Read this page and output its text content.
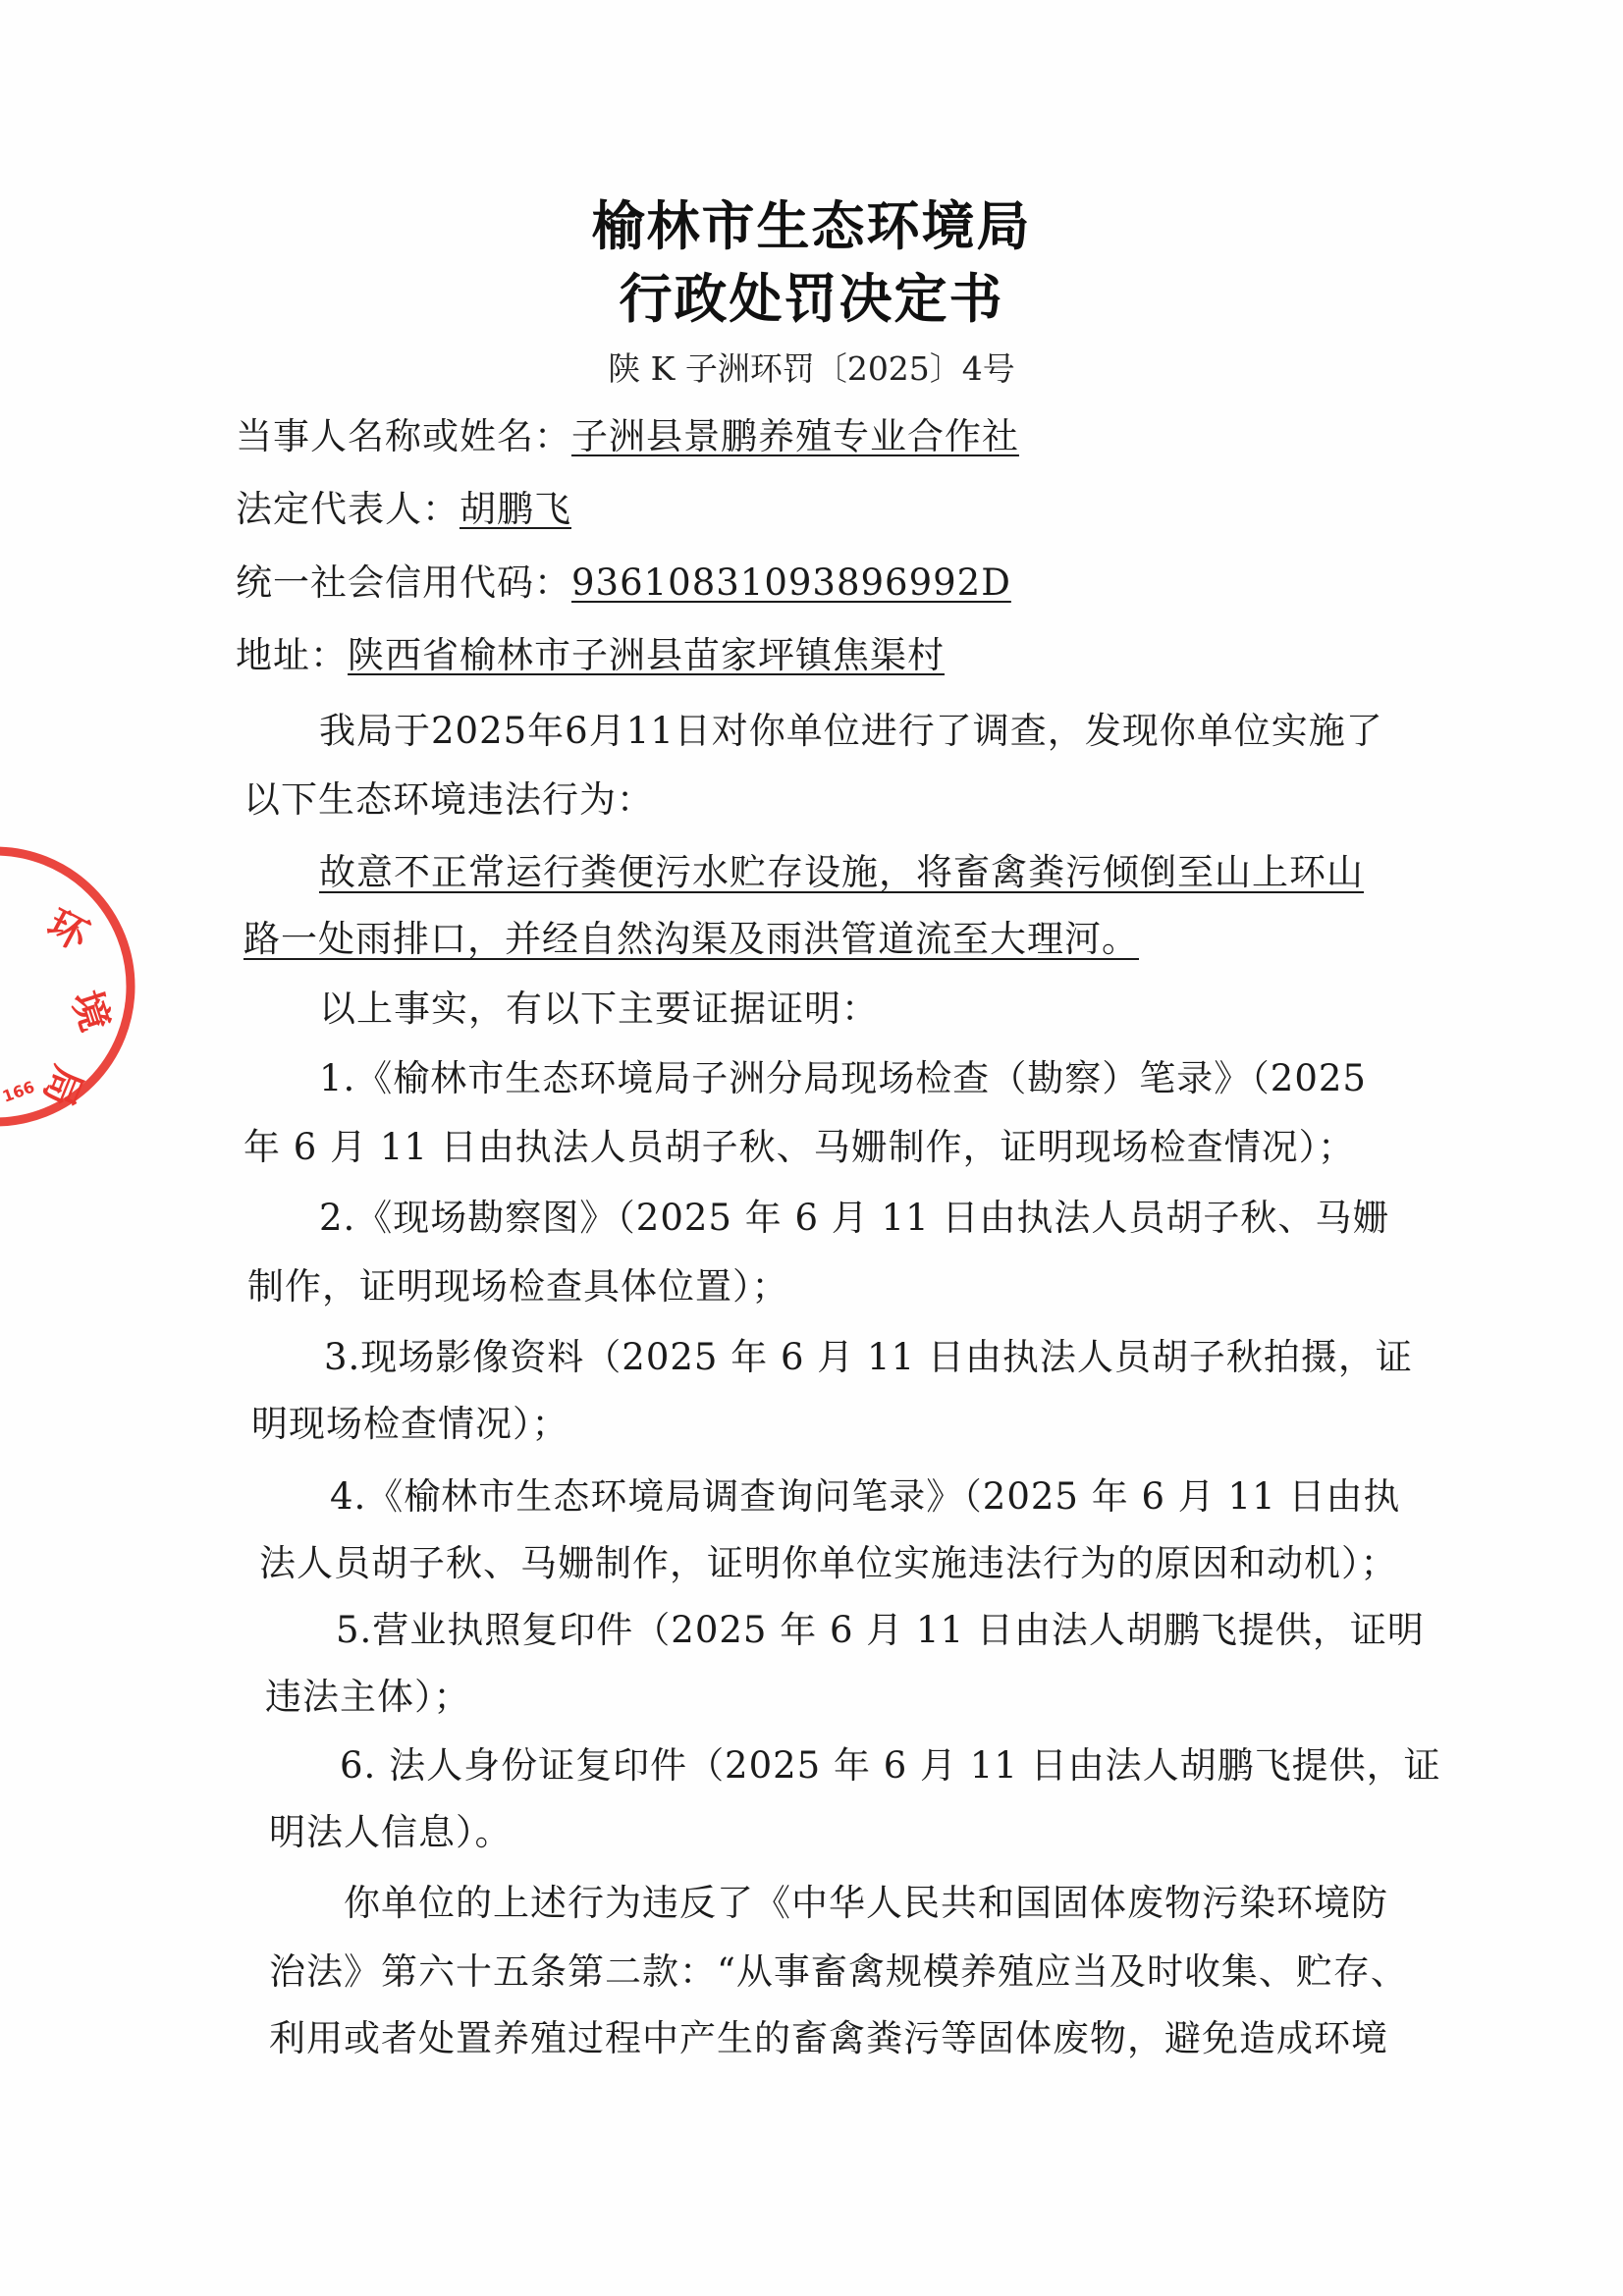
榆林市生态环境局
行政处罚决定书
陕 K 子洲环罚〔2025〕4号
当事人名称或姓名：子洲县景鹏养殖专业合作社
法定代表人：胡鹏飞
统一社会信用代码：93610831093896992D
地址：陕西省榆林市子洲县苗家坪镇焦渠村
我局于2025年6月11日对你单位进行了调查，发现你单位实施了
以下生态环境违法行为：
故意不正常运行粪便污水贮存设施，将畜禽粪污倾倒至山上环山
路一处雨排口，并经自然沟渠及雨洪管道流至大理河。
以上事实，有以下主要证据证明：
1.《榆林市生态环境局子洲分局现场检查（勘察）笔录》（2025
年 6 月 11 日由执法人员胡子秋、马姗制作，证明现场检查情况）；
2.《现场勘察图》（2025 年 6 月 11 日由执法人员胡子秋、马姗
制作，证明现场检查具体位置）；
3.现场影像资料（2025 年 6 月 11 日由执法人员胡子秋拍摄，证
明现场检查情况）；
4.《榆林市生态环境局调查询问笔录》（2025 年 6 月 11 日由执
法人员胡子秋、马姗制作，证明你单位实施违法行为的原因和动机）；
5.营业执照复印件（2025 年 6 月 11 日由法人胡鹏飞提供，证明
违法主体）；
6. 法人身份证复印件（2025 年 6 月 11 日由法人胡鹏飞提供，证
明法人信息）。
你单位的上述行为违反了《中华人民共和国固体废物污染环境防
治法》第六十五条第二款：“从事畜禽规模养殖应当及时收集、贮存、
利用或者处置养殖过程中产生的畜禽粪污等固体废物，避免造成环境
环
境
局
166
